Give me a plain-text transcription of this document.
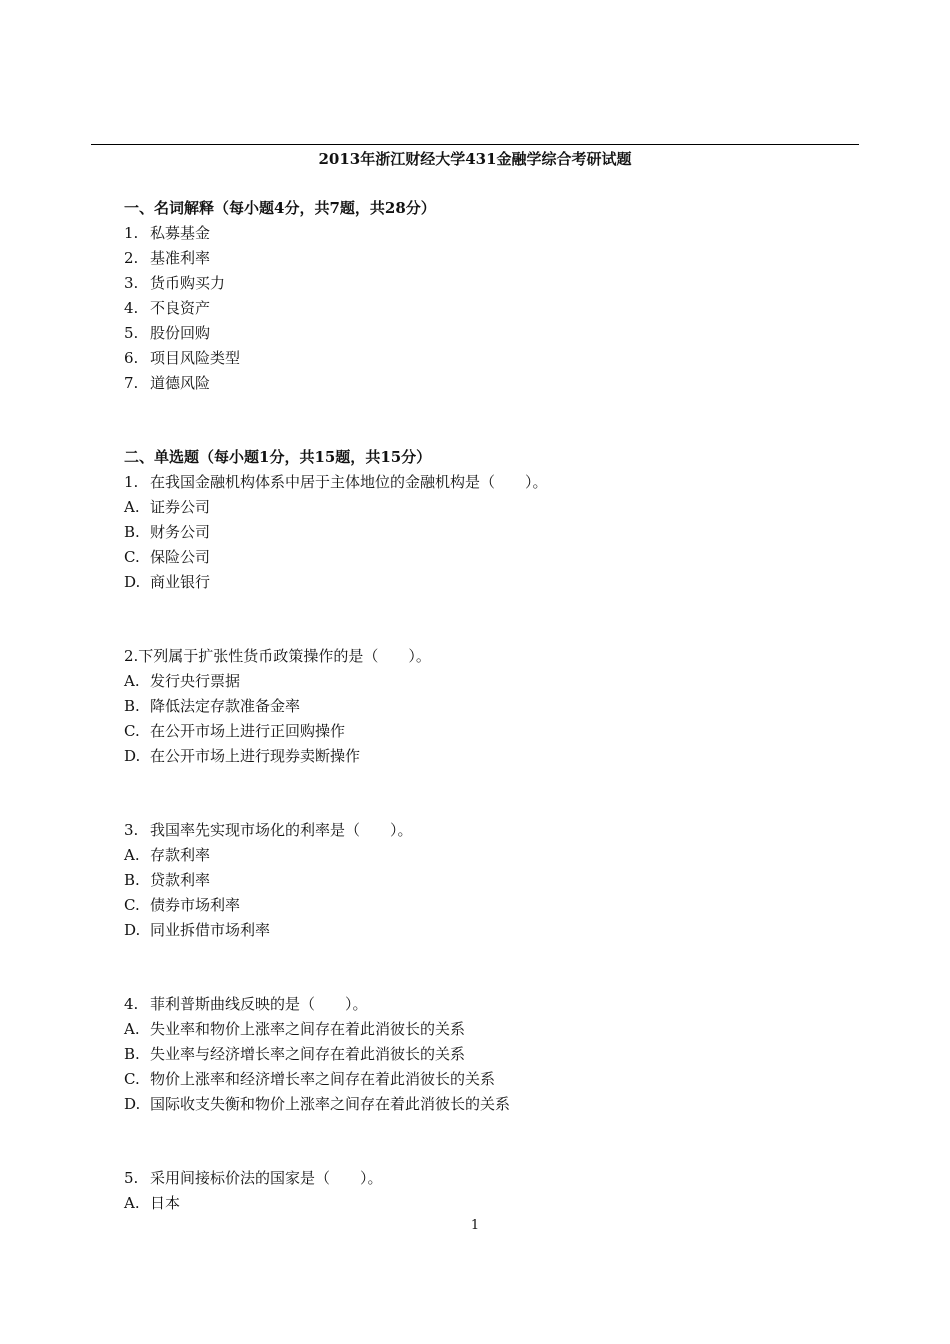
2013年浙江财经大学431金融学综合考研试题
一、名词解释（每小题4分，共7题，共28分）
1. 私募基金
2. 基准利率
3. 货币购买力
4. 不良资产
5. 股份回购
6. 项目风险类型
7. 道德风险
二、单选题（每小题1分，共15题，共15分）
1. 在我国金融机构体系中居于主体地位的金融机构是（　　）。
A. 证券公司
B. 财务公司
C. 保险公司
D. 商业银行
2.下列属于扩张性货币政策操作的是（　　）。
A. 发行央行票据
B. 降低法定存款准备金率
C. 在公开市场上进行正回购操作
D. 在公开市场上进行现券卖断操作
3. 我国率先实现市场化的利率是（　　）。
A. 存款利率
B. 贷款利率
C. 债券市场利率
D. 同业拆借市场利率
4. 菲利普斯曲线反映的是（　　）。
A. 失业率和物价上涨率之间存在着此消彼长的关系
B. 失业率与经济增长率之间存在着此消彼长的关系
C. 物价上涨率和经济增长率之间存在着此消彼长的关系
D. 国际收支失衡和物价上涨率之间存在着此消彼长的关系
5. 采用间接标价法的国家是（　　）。
A. 日本
1
